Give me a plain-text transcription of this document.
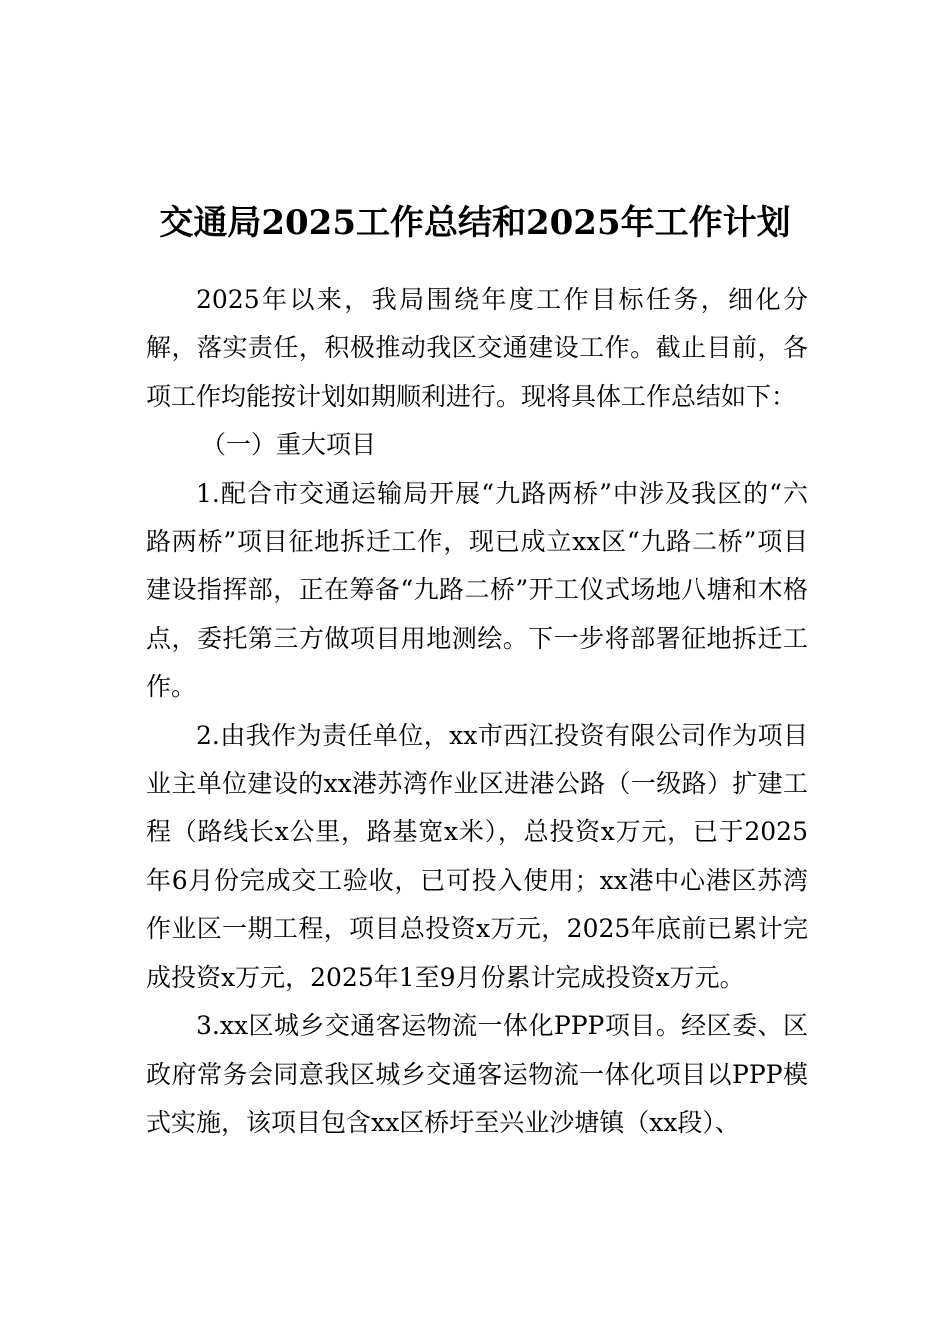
交通局2025工作总结和2025年工作计划

2025年以来，我局围绕年度工作目标任务，细化分解，落实责任，积极推动我区交通建设工作。截止目前，各项工作均能按计划如期顺利进行。现将具体工作总结如下：

（一）重大项目

1.配合市交通运输局开展“九路两桥”中涉及我区的“六路两桥”项目征地拆迁工作，现已成立xx区“九路二桥”项目建设指挥部，正在筹备“九路二桥”开工仪式场地八塘和木格点，委托第三方做项目用地测绘。下一步将部署征地拆迁工作。

2.由我作为责任单位，xx市西江投资有限公司作为项目业主单位建设的xx港苏湾作业区进港公路（一级路）扩建工程（路线长x公里，路基宽x米），总投资x万元，已于2025年6月份完成交工验收，已可投入使用；xx港中心港区苏湾作业区一期工程，项目总投资x万元，2025年底前已累计完成投资x万元，2025年1至9月份累计完成投资x万元。

3.xx区城乡交通客运物流一体化PPP项目。经区委、区政府常务会同意我区城乡交通客运物流一体化项目以PPP模式实施，该项目包含xx区桥圩至兴业沙塘镇（xx段）、
